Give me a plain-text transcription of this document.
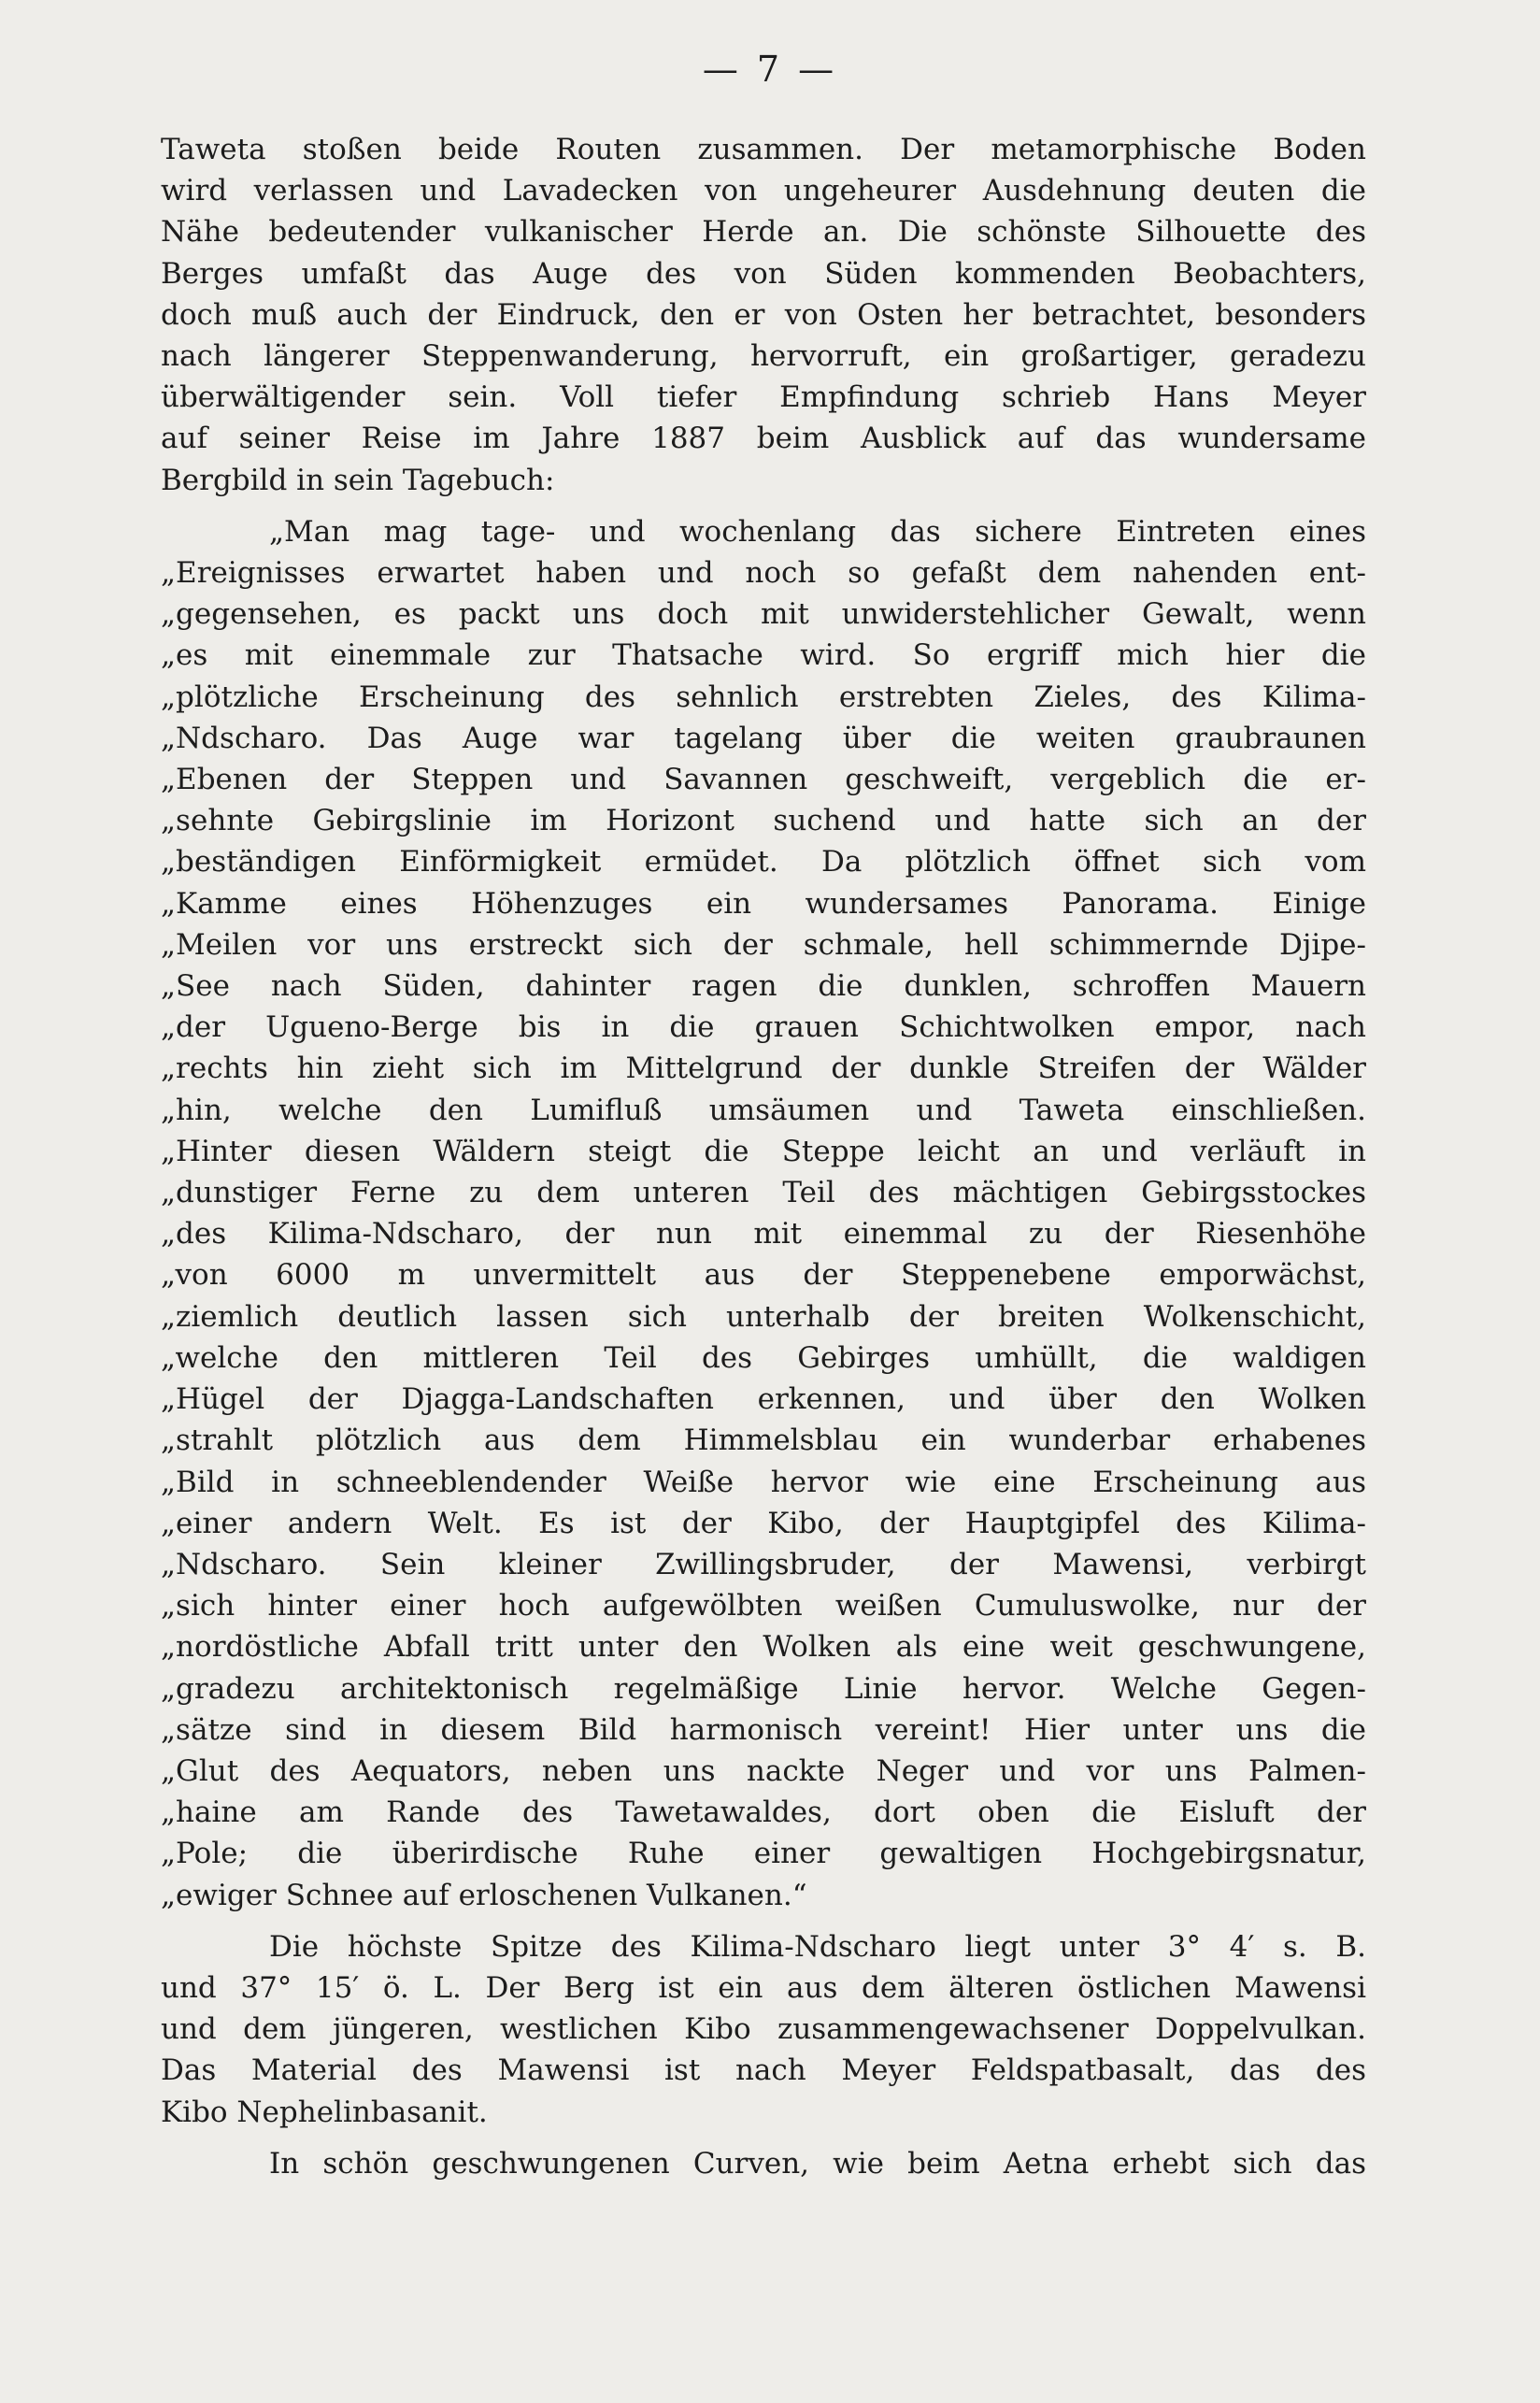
— 7 —

Taweta stoßen beide Routen zusammen. Der metamorphische Boden
wird verlassen und Lavadecken von ungeheurer Ausdehnung deuten die
Nähe bedeutender vulkanischer Herde an. Die schönste Silhouette des
Berges umfaßt das Auge des von Süden kommenden Beobachters,
doch muß auch der Eindruck, den er von Osten her betrachtet, besonders
nach längerer Steppenwanderung, hervorruft, ein großartiger, geradezu
überwältigender sein. Voll tiefer Empfindung schrieb Hans Meyer
auf seiner Reise im Jahre 1887 beim Ausblick auf das wundersame
Bergbild in sein Tagebuch:

„Man mag tage- und wochenlang das sichere Eintreten eines
„Ereignisses erwartet haben und noch so gefaßt dem nahenden ent-
„gegensehen, es packt uns doch mit unwiderstehlicher Gewalt, wenn
„es mit einemmale zur Thatsache wird. So ergriff mich hier die
„plötzliche Erscheinung des sehnlich erstrebten Zieles, des Kilima-
„Ndscharo. Das Auge war tagelang über die weiten graubraunen
„Ebenen der Steppen und Savannen geschweift, vergeblich die er-
„sehnte Gebirgslinie im Horizont suchend und hatte sich an der
„beständigen Einförmigkeit ermüdet. Da plötzlich öffnet sich vom
„Kamme eines Höhenzuges ein wundersames Panorama. Einige
„Meilen vor uns erstreckt sich der schmale, hell schimmernde Djipe-
„See nach Süden, dahinter ragen die dunklen, schroffen Mauern
„der Ugueno-Berge bis in die grauen Schichtwolken empor, nach
„rechts hin zieht sich im Mittelgrund der dunkle Streifen der Wälder
„hin, welche den Lumifluß umsäumen und Taweta einschließen.
„Hinter diesen Wäldern steigt die Steppe leicht an und verläuft in
„dunstiger Ferne zu dem unteren Teil des mächtigen Gebirgsstockes
„des Kilima-Ndscharo, der nun mit einemmal zu der Riesenhöhe
„von 6000 m unvermittelt aus der Steppenebene emporwächst,
„ziemlich deutlich lassen sich unterhalb der breiten Wolkenschicht,
„welche den mittleren Teil des Gebirges umhüllt, die waldigen
„Hügel der Djagga-Landschaften erkennen, und über den Wolken
„strahlt plötzlich aus dem Himmelsblau ein wunderbar erhabenes
„Bild in schneeblendender Weiße hervor wie eine Erscheinung aus
„einer andern Welt. Es ist der Kibo, der Hauptgipfel des Kilima-
„Ndscharo. Sein kleiner Zwillingsbruder, der Mawensi, verbirgt
„sich hinter einer hoch aufgewölbten weißen Cumuluswolke, nur der
„nordöstliche Abfall tritt unter den Wolken als eine weit geschwungene,
„gradezu architektonisch regelmäßige Linie hervor. Welche Gegen-
„sätze sind in diesem Bild harmonisch vereint! Hier unter uns die
„Glut des Aequators, neben uns nackte Neger und vor uns Palmen-
„haine am Rande des Tawetawaldes, dort oben die Eisluft der
„Pole; die überirdische Ruhe einer gewaltigen Hochgebirgsnatur,
„ewiger Schnee auf erloschenen Vulkanen.“

Die höchste Spitze des Kilima-Ndscharo liegt unter 3° 4′ s. B.
und 37° 15′ ö. L. Der Berg ist ein aus dem älteren östlichen Mawensi
und dem jüngeren, westlichen Kibo zusammengewachsener Doppelvulkan.
Das Material des Mawensi ist nach Meyer Feldspatbasalt, das des
Kibo Nephelinbasanit.

In schön geschwungenen Curven, wie beim Aetna erhebt sich das
